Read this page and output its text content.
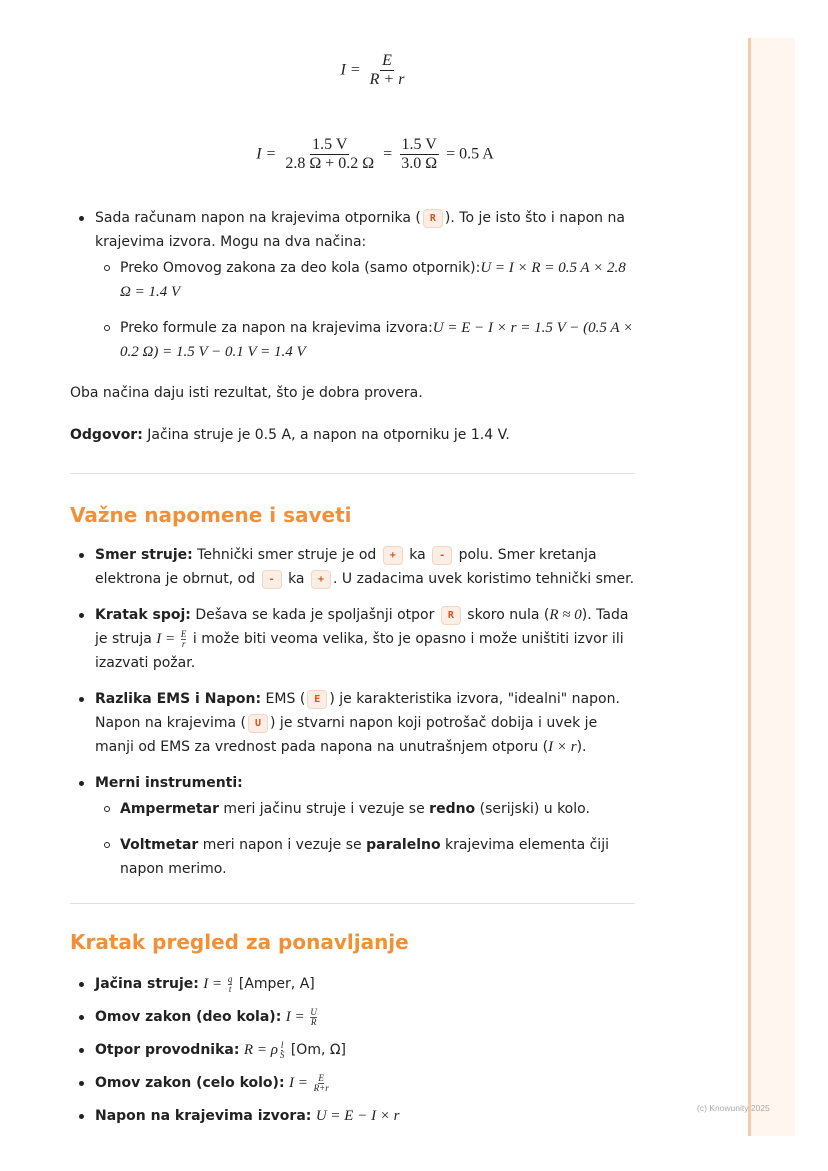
(c) Knowunity 2025
$I = \frac{E}{R + r}$
$I = \frac{1.5 V}{2.8 \Omega + 0.2 \Omega} = \frac{1.5 V}{3.0 \Omega} = 0.5$ A
Sada računam napon na krajevima otpornika ( R ). To je isto što i napon na krajevima izvora. Mogu na dva načina:
Preko Omovog zakona za deo kola (samo otpornik):U = I × R = 0.5 A × 2.8 Ω = 1.4 V
Preko formule za napon na krajevima izvora:U = E − I × r = 1.5 V − (0.5 A × 0.2 Ω) = 1.5 V − 0.1 V = 1.4 V

Oba načina daju isti rezultat, što je dobra provera.

Odgovor: Jačina struje je 0.5 A, a napon na otporniku je 1.4 V.

Važne napomene i saveti
Smer struje: Tehnički smer struje je od + ka - polu. Smer kretanja elektrona je obrnut, od - ka + . U zadacima uvek koristimo tehnički smer.
Kratak spoj: Dešava se kada je spoljašnji otpor R skoro nula (R ≈ 0). Tada je struja $I = \frac{E}{r}$ i može biti veoma velika, što je opasno i može uništiti izvor ili izazvati požar.
Razlika EMS i Napon: EMS ( E ) je karakteristika izvora, "idealni" napon. Napon na krajevima ( U ) je stvarni napon koji potrošač dobija i uvek je manji od EMS za vrednost pada napona na unutrašnjem otporu (I × r).
Merni instrumenti:
Ampermetar meri jačinu struje i vezuje se redno (serijski) u kolo.
Voltmetar meri napon i vezuje se paralelno krajevima elementa čiji napon merimo.
Kratak pregled za ponavljanje
Jačina struje: $I = \frac{q}{t}$ [Amper, A]
Omov zakon (deo kola): $I = \frac{U}{R}$
Otpor provodnika: R = ρ $\frac{l}{S} [Om$, Ω]
Omov zakon (celo kolo): $I = \frac{E}{R+r}$
Napon na krajevima izvora: U = E − I × r
